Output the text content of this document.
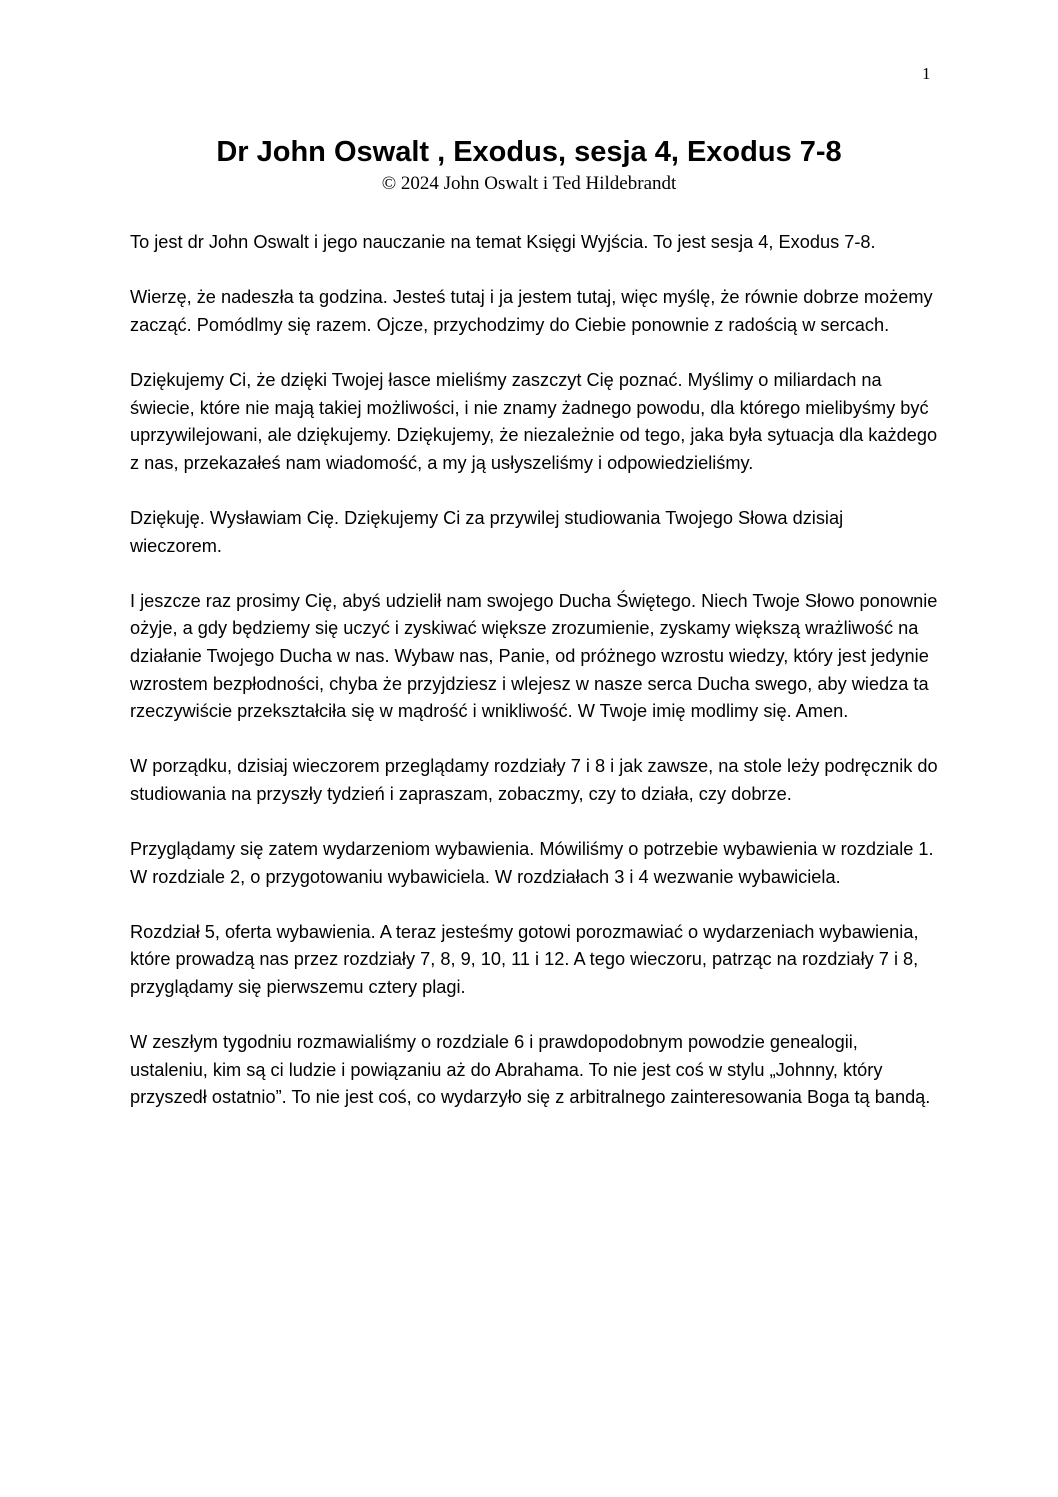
1
Dr John Oswalt , Exodus, sesja 4, Exodus 7-8
© 2024 John Oswalt i Ted Hildebrandt

To jest dr John Oswalt i jego nauczanie na temat Księgi Wyjścia. To jest sesja 4, Exodus 7-8.

Wierzę, że nadeszła ta godzina. Jesteś tutaj i ja jestem tutaj, więc myślę, że równie dobrze możemy zacząć. Pomódlmy się razem. Ojcze, przychodzimy do Ciebie ponownie z radością w sercach.

Dziękujemy Ci, że dzięki Twojej łasce mieliśmy zaszczyt Cię poznać. Myślimy o miliardach na świecie, które nie mają takiej możliwości, i nie znamy żadnego powodu, dla którego mielibyśmy być uprzywilejowani, ale dziękujemy. Dziękujemy, że niezależnie od tego, jaka była sytuacja dla każdego z nas, przekazałeś nam wiadomość, a my ją usłyszeliśmy i odpowiedzieliśmy.

Dziękuję. Wysławiam Cię. Dziękujemy Ci za przywilej studiowania Twojego Słowa dzisiaj wieczorem.

I jeszcze raz prosimy Cię, abyś udzielił nam swojego Ducha Świętego. Niech Twoje Słowo ponownie ożyje, a gdy będziemy się uczyć i zyskiwać większe zrozumienie, zyskamy większą wrażliwość na działanie Twojego Ducha w nas. Wybaw nas, Panie, od próżnego wzrostu wiedzy, który jest jedynie wzrostem bezpłodności, chyba że przyjdziesz i wlejesz w nasze serca Ducha swego, aby wiedza ta rzeczywiście przekształciła się w mądrość i wnikliwość. W Twoje imię modlimy się. Amen.

W porządku, dzisiaj wieczorem przeglądamy rozdziały 7 i 8 i jak zawsze, na stole leży podręcznik do studiowania na przyszły tydzień i zapraszam, zobaczmy, czy to działa, czy dobrze.

Przyglądamy się zatem wydarzeniom wybawienia. Mówiliśmy o potrzebie wybawienia w rozdziale 1. W rozdziale 2, o przygotowaniu wybawiciela. W rozdziałach 3 i 4 wezwanie wybawiciela.

Rozdział 5, oferta wybawienia. A teraz jesteśmy gotowi porozmawiać o wydarzeniach wybawienia, które prowadzą nas przez rozdziały 7, 8, 9, 10, 11 i 12. A tego wieczoru, patrząc na rozdziały 7 i 8, przyglądamy się pierwszemu cztery plagi.

W zeszłym tygodniu rozmawialiśmy o rozdziale 6 i prawdopodobnym powodzie genealogii, ustaleniu, kim są ci ludzie i powiązaniu aż do Abrahama. To nie jest coś w stylu „Johnny, który przyszedł ostatnio”. To nie jest coś, co wydarzyło się z arbitralnego zainteresowania Boga tą bandą.
